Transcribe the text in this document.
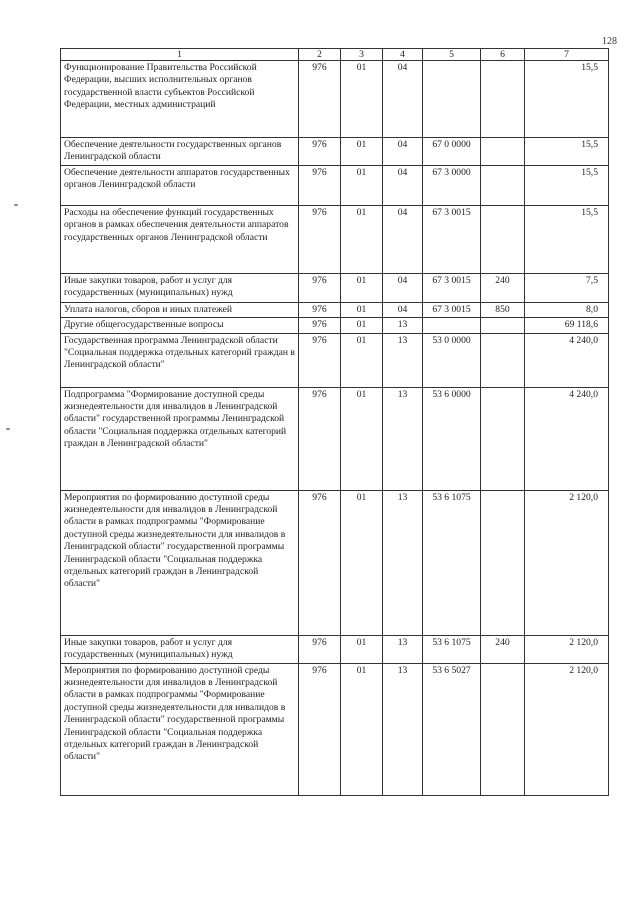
128
1	2	3	4	5	6	7
Функционирование Правительства Российской Федерации, высших исполнительных органов государственной власти субъектов Российской Федерации, местных администраций	976	01	04			15,5
Обеспечение деятельности государственных органов Ленинградской области	976	01	04	67 0 0000		15,5
Обеспечение деятельности аппаратов государственных органов Ленинградской области	976	01	04	67 3 0000		15,5
Расходы на обеспечение функций государственных органов в рамках обеспечения деятельности аппаратов государственных органов Ленинградской области	976	01	04	67 3 0015		15,5
Иные закупки товаров, работ и услуг для государственных (муниципальных) нужд	976	01	04	67 3 0015	240	7,5
Уплата налогов, сборов и иных платежей	976	01	04	67 3 0015	850	8,0
Другие общегосударственные вопросы	976	01	13			69 118,6
Государственная программа Ленинградской области "Социальная поддержка отдельных категорий граждан в Ленинградской области"	976	01	13	53 0 0000		4 240,0
Подпрограмма "Формирование доступной среды жизнедеятельности для инвалидов в Ленинградской области" государственной программы Ленинградской области "Социальная поддержка отдельных категорий граждан в Ленинградской области"	976	01	13	53 6 0000		4 240,0
Мероприятия по формированию доступной среды жизнедеятельности для инвалидов в Ленинградской области в рамках подпрограммы "Формирование доступной среды жизнедеятельности для инвалидов в Ленинградской области" государственной программы Ленинградской области "Социальная поддержка отдельных категорий граждан в Ленинградской области"	976	01	13	53 6 1075		2 120,0
Иные закупки товаров, работ и услуг для государственных (муниципальных) нужд	976	01	13	53 6 1075	240	2 120,0
Мероприятия по формированию доступной среды жизнедеятельности для инвалидов в Ленинградской области в рамках подпрограммы "Формирование доступной среды жизнедеятельности для инвалидов в Ленинградской области" государственной программы Ленинградской области "Социальная поддержка отдельных категорий граждан в Ленинградской области"	976	01	13	53 6 5027		2 120,0
